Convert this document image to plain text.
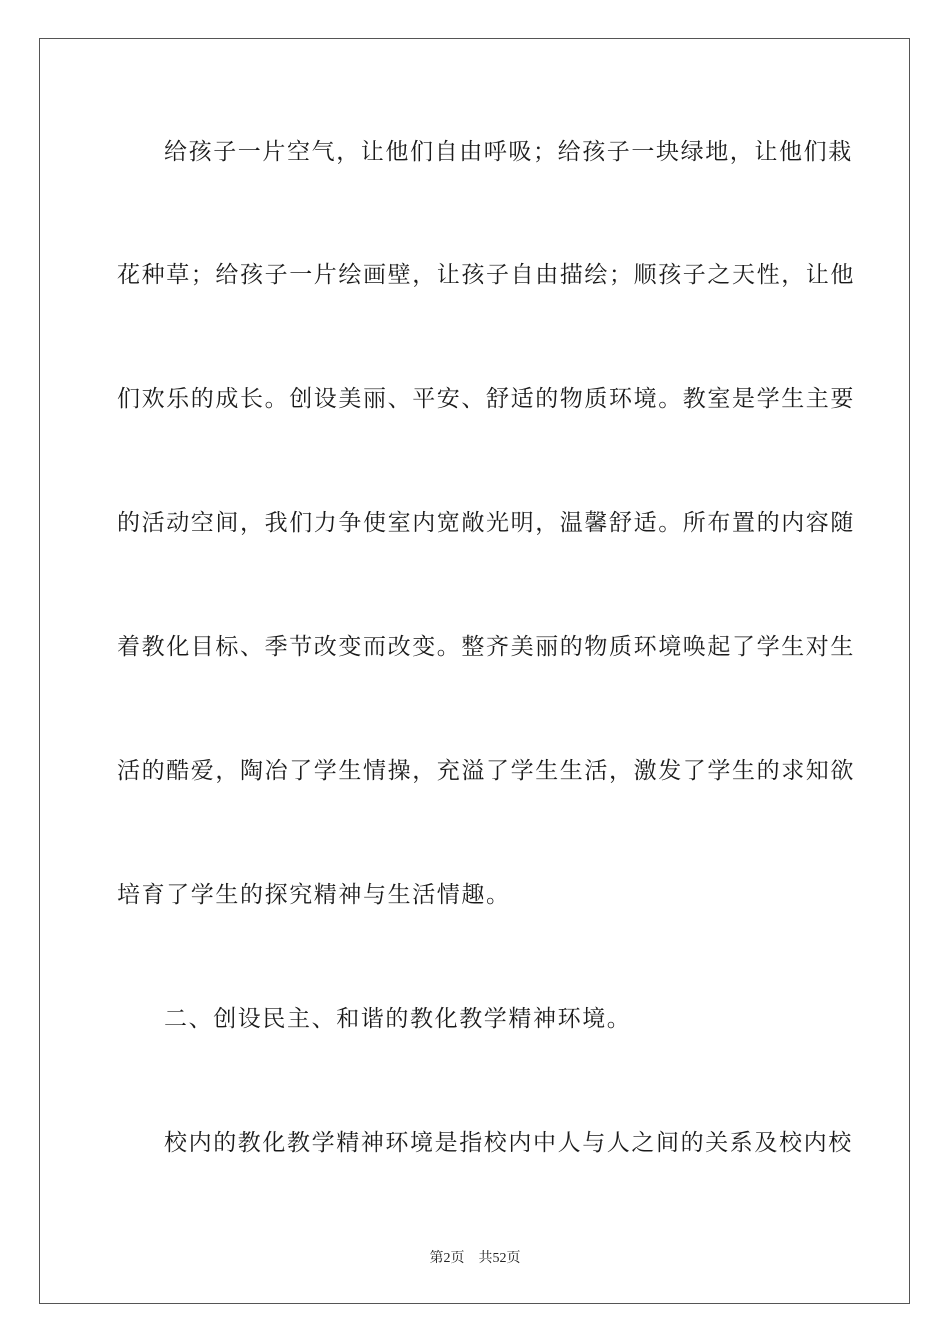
给孩子一片空气，让他们自由呼吸；给孩子一块绿地，让他们栽
花种草；给孩子一片绘画壁，让孩子自由描绘；顺孩子之天性，让他
们欢乐的成长。创设美丽、平安、舒适的物质环境。教室是学生主要
的活动空间，我们力争使室内宽敞光明，温馨舒适。所布置的内容随
着教化目标、季节改变而改变。整齐美丽的物质环境唤起了学生对生
活的酷爱，陶冶了学生情操，充溢了学生生活，激发了学生的求知欲
培育了学生的探究精神与生活情趣。
二、创设民主、和谐的教化教学精神环境。
校内的教化教学精神环境是指校内中人与人之间的关系及校内校
第2页    共52页
